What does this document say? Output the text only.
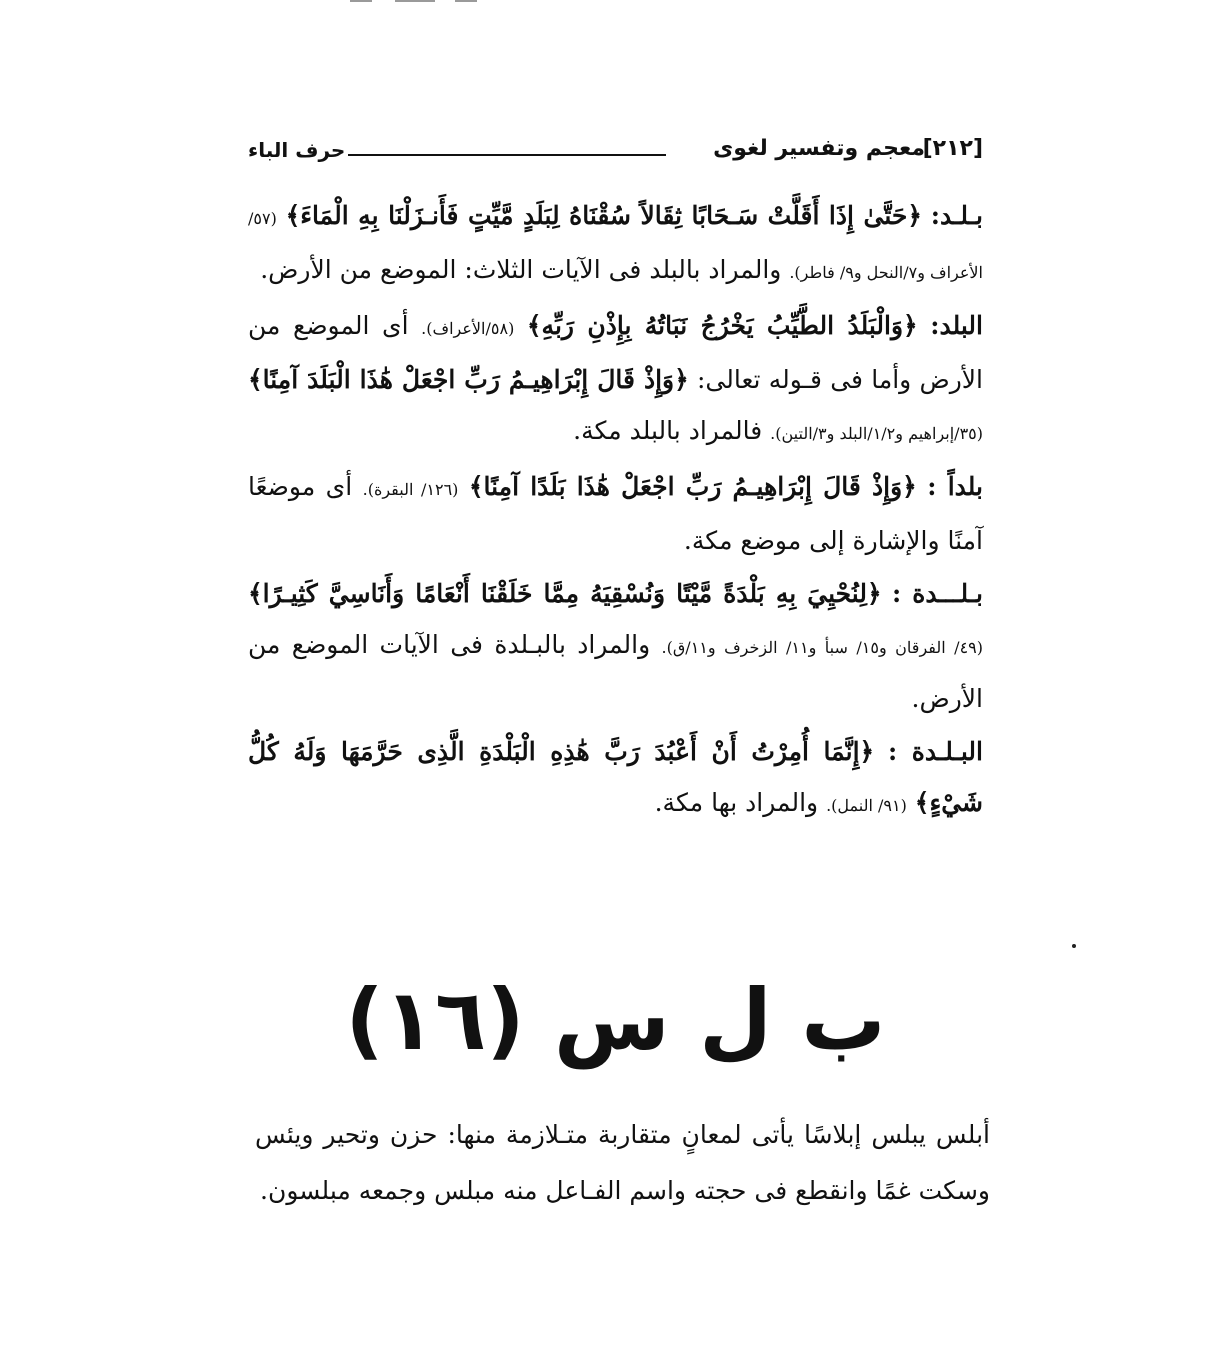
[٢١٢]
معجم وتفسير لغوى
حرف الباء

بـلـد: ﴿حَتَّىٰ إِذَا أَقَلَّتْ سَـحَابًا ثِقَالاً سُقْنَاهُ لِبَلَدٍ مَّيِّتٍ فَأَنـزَلْنَا بِهِ الْمَاءَ﴾ (٥٧/الأعراف و٧/النحل و٩/ فاطر). والمراد بالبلد فى الآيات الثلاث: الموضع من الأرض.

البلد: ﴿وَالْبَلَدُ الطَّيِّبُ يَخْرُجُ نَبَاتُهُ بِإِذْنِ رَبِّهِ﴾ (٥٨/الأعراف). أى الموضع من الأرض وأما فى قـوله تعالى: ﴿وَإِذْ قَالَ إِبْرَاهِيـمُ رَبِّ اجْعَلْ هَٰذَا الْبَلَدَ آمِنًا﴾ (٣٥/إبراهيم و١/٢/البلد و٣/التين). فالمراد بالبلد مكة.

بلداً : ﴿وَإِذْ قَالَ إِبْرَاهِيـمُ رَبِّ اجْعَلْ هَٰذَا بَلَدًا آمِنًا﴾ (١٢٦/ البقرة). أى موضعًا آمنًا والإشارة إلى موضع مكة.

بـلـــدة : ﴿لِنُحْيِيَ بِهِ بَلْدَةً مَّيْتًا وَنُسْقِيَهُ مِمَّا خَلَقْنَا أَنْعَامًا وَأَنَاسِيَّ كَثِيـرًا﴾ (٤٩/ الفرقان و١٥/ سبأ و١١/ الزخرف و١١/ق). والمراد بالبـلدة فى الآيات الموضع من الأرض.

البـلـدة : ﴿إِنَّمَا أُمِرْتُ أَنْ أَعْبُدَ رَبَّ هَٰذِهِ الْبَلْدَةِ الَّذِى حَرَّمَهَا وَلَهُ كُلُّ شَيْءٍ﴾ (٩١/ النمل). والمراد بها مكة.

ب ل س (١٦)
أبلس يبلس إبلاسًا يأتى لمعانٍ متقاربة متـلازمة منها: حزن وتحير ويئس وسكت غمًا وانقطع فى حجته واسم الفـاعل منه مبلس وجمعه مبلسون.
